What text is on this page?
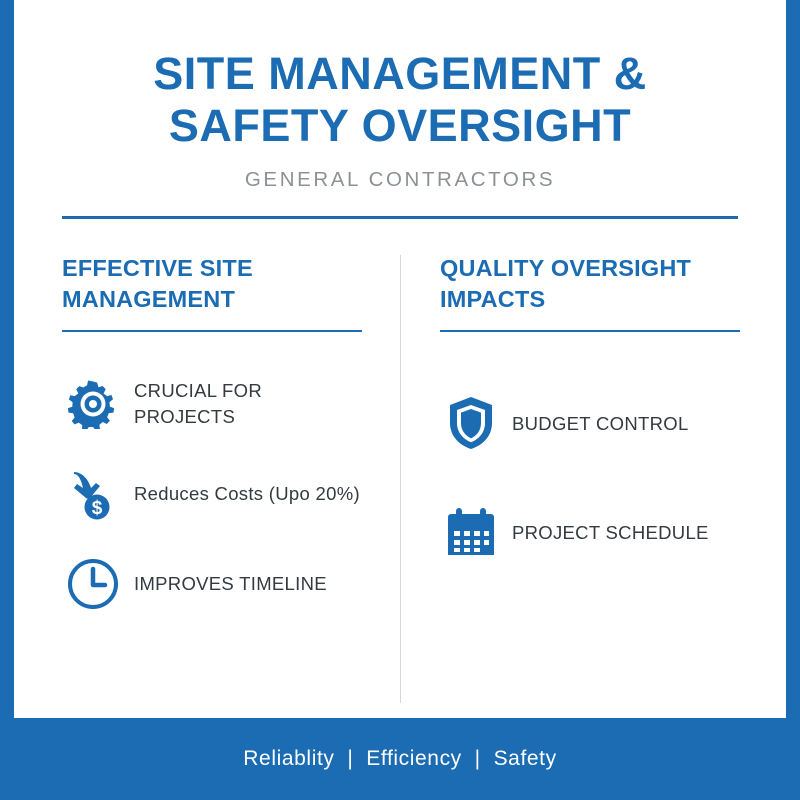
SITE MANAGEMENT &
SAFETY OVERSIGHT
GENERAL CONTRACTORS
EFFECTIVE SITE MANAGEMENT
CRUCIAL FOR PROJECTS
$
Reduces Costs (Upo 20%)
IMPROVES TIMELINE
QUALITY OVERSIGHT IMPACTS
BUDGET CONTROL
PROJECT SCHEDULE
Reliablity  |  Efficiency  |  Safety
